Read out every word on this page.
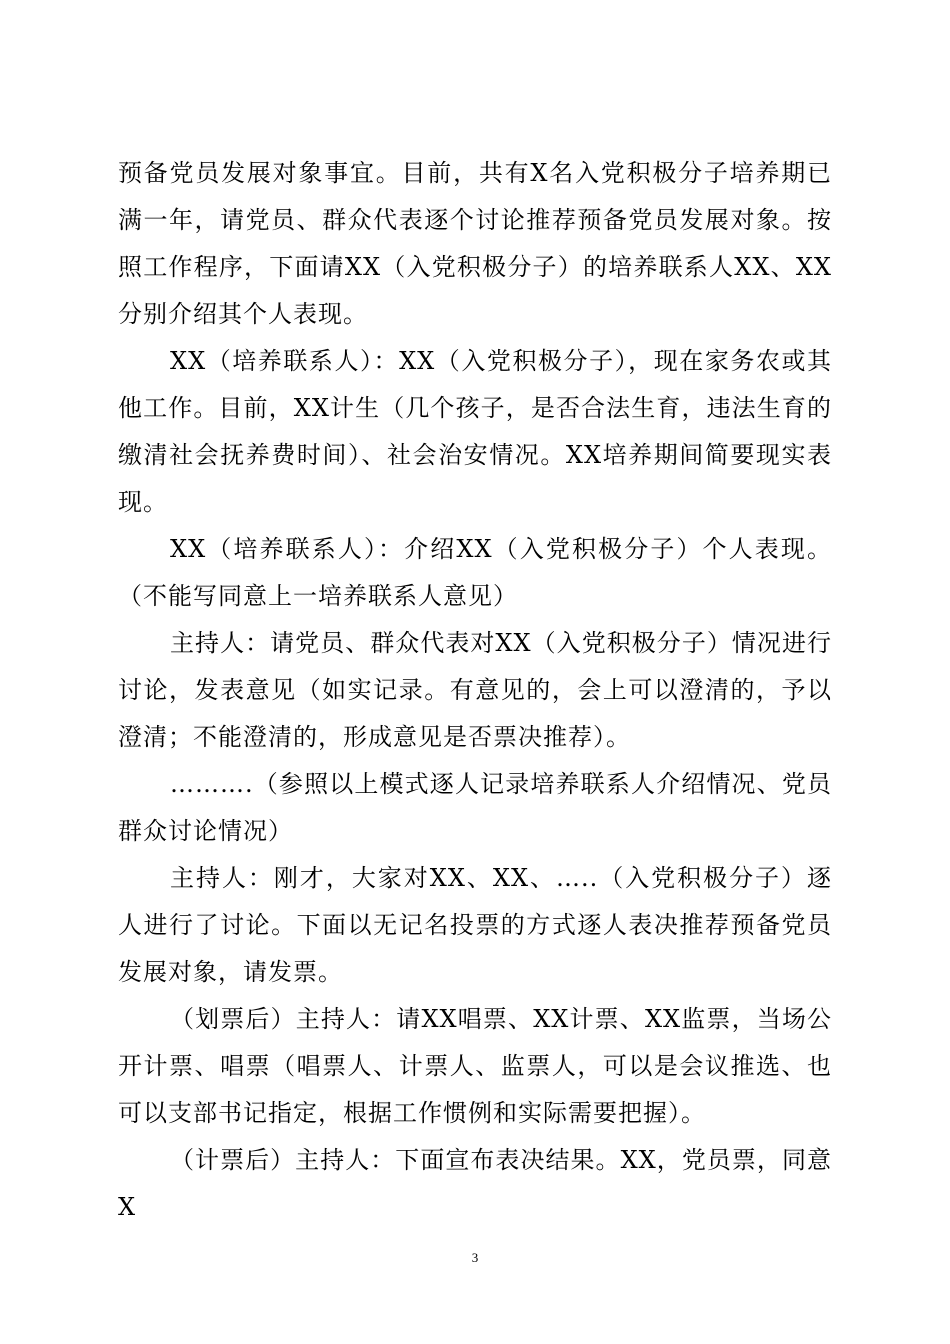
预备党员发展对象事宜。目前，共有X名入党积极分子培养期已满一年，请党员、群众代表逐个讨论推荐预备党员发展对象。按照工作程序，下面请XX（入党积极分子）的培养联系人XX、XX分别介绍其个人表现。

XX（培养联系人）：XX（入党积极分子），现在家务农或其他工作。目前，XX计生（几个孩子，是否合法生育，违法生育的缴清社会抚养费时间）、社会治安情况。XX培养期间简要现实表现。

XX（培养联系人）：介绍XX（入党积极分子）个人表现。（不能写同意上一培养联系人意见）

主持人：请党员、群众代表对XX（入党积极分子）情况进行讨论，发表意见（如实记录。有意见的，会上可以澄清的，予以澄清；不能澄清的，形成意见是否票决推荐）。

……….（参照以上模式逐人记录培养联系人介绍情况、党员群众讨论情况）

主持人：刚才，大家对XX、XX、…..（入党积极分子）逐人进行了讨论。下面以无记名投票的方式逐人表决推荐预备党员发展对象，请发票。

（划票后）主持人：请XX唱票、XX计票、XX监票，当场公开计票、唱票（唱票人、计票人、监票人，可以是会议推选、也可以支部书记指定，根据工作惯例和实际需要把握）。

（计票后）主持人：下面宣布表决结果。XX，党员票，同意X

3
